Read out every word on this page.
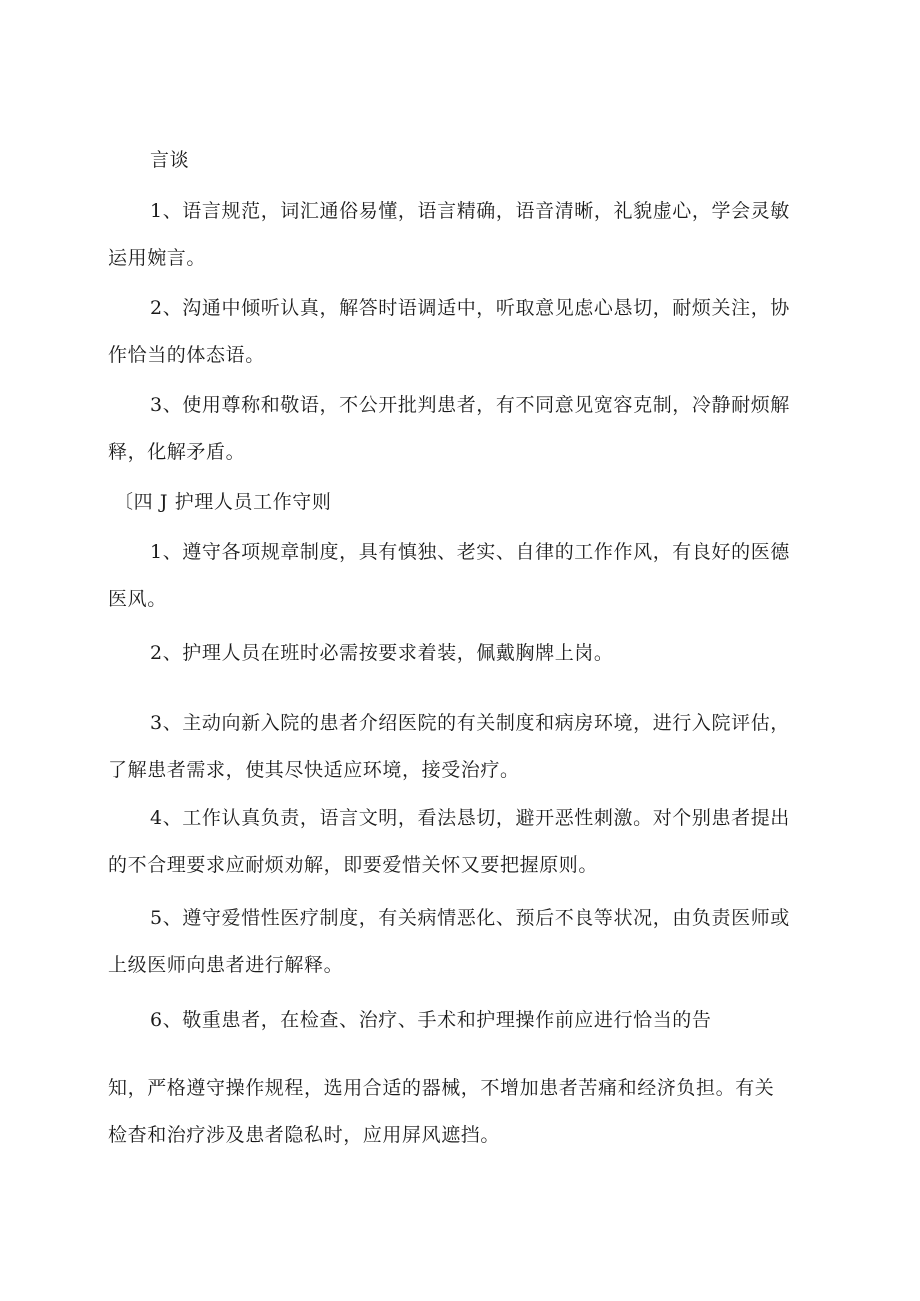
言谈
1、语言规范，词汇通俗易懂，语言精确，语音清晰，礼貌虚心，学会灵敏
运用婉言。
2、沟通中倾听认真，解答时语调适中，听取意见虑心恳切，耐烦关注，协
作恰当的体态语。
3、使用尊称和敬语，不公开批判患者，有不同意见宽容克制，冷静耐烦解
释，化解矛盾。
〔四 J 护理人员工作守则
1、遵守各项规章制度，具有慎独、老实、自律的工作作风，有良好的医德
医风。
2、护理人员在班时必需按要求着装，佩戴胸牌上岗。
3、主动向新入院的患者介绍医院的有关制度和病房环境，进行入院评估，
了解患者需求，使其尽快适应环境，接受治疗。
4、工作认真负责，语言文明，看法恳切，避开恶性刺激。对个别患者提出
的不合理要求应耐烦劝解，即要爱惜关怀又要把握原则。
5、遵守爱惜性医疗制度，有关病情恶化、预后不良等状况，由负责医师或
上级医师向患者进行解释。
6、敬重患者，在检查、治疗、手术和护理操作前应进行恰当的告
知，严格遵守操作规程，选用合适的器械，不增加患者苦痛和经济负担。有关
检杳和治疗涉及患者隐私时，应用屏风遮挡。
